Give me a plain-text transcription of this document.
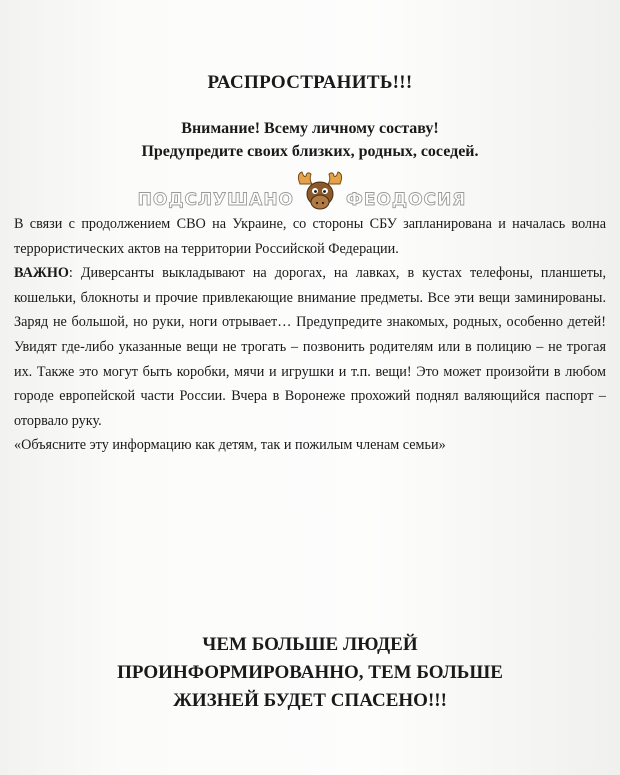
РАСПРОСТРАНИТЬ!!!
Внимание! Всему личному составу!
Предупредите своих близких, родных, соседей.
ПОДСЛУШАНО	ФЕОДОСИЯ

В связи с продолжением СВО на Украине, со стороны СБУ запланирована и началась волна террористических актов на территории Российской Федерации.

ВАЖНО: Диверсанты выкладывают на дорогах, на лавках, в кустах телефоны, планшеты, кошельки, блокноты и прочие привлекающие внимание предметы. Все эти вещи заминированы. Заряд не большой, но руки, ноги отрывает… Предупредите знакомых, родных, особенно детей! Увидят где-либо указанные вещи не трогать – позвонить родителям или в полицию – не трогая их. Также это могут быть коробки, мячи и игрушки и т.п. вещи! Это может произойти в любом городе европейской части России. Вчера в Воронеже прохожий поднял валяющийся паспорт – оторвало руку.

«Объясните эту информацию как детям, так и пожилым членам семьи»

ЧЕМ БОЛЬШЕ ЛЮДЕЙ
ПРОИНФОРМИРОВАННО, ТЕМ БОЛЬШЕ
ЖИЗНЕЙ БУДЕТ СПАСЕНО!!!
